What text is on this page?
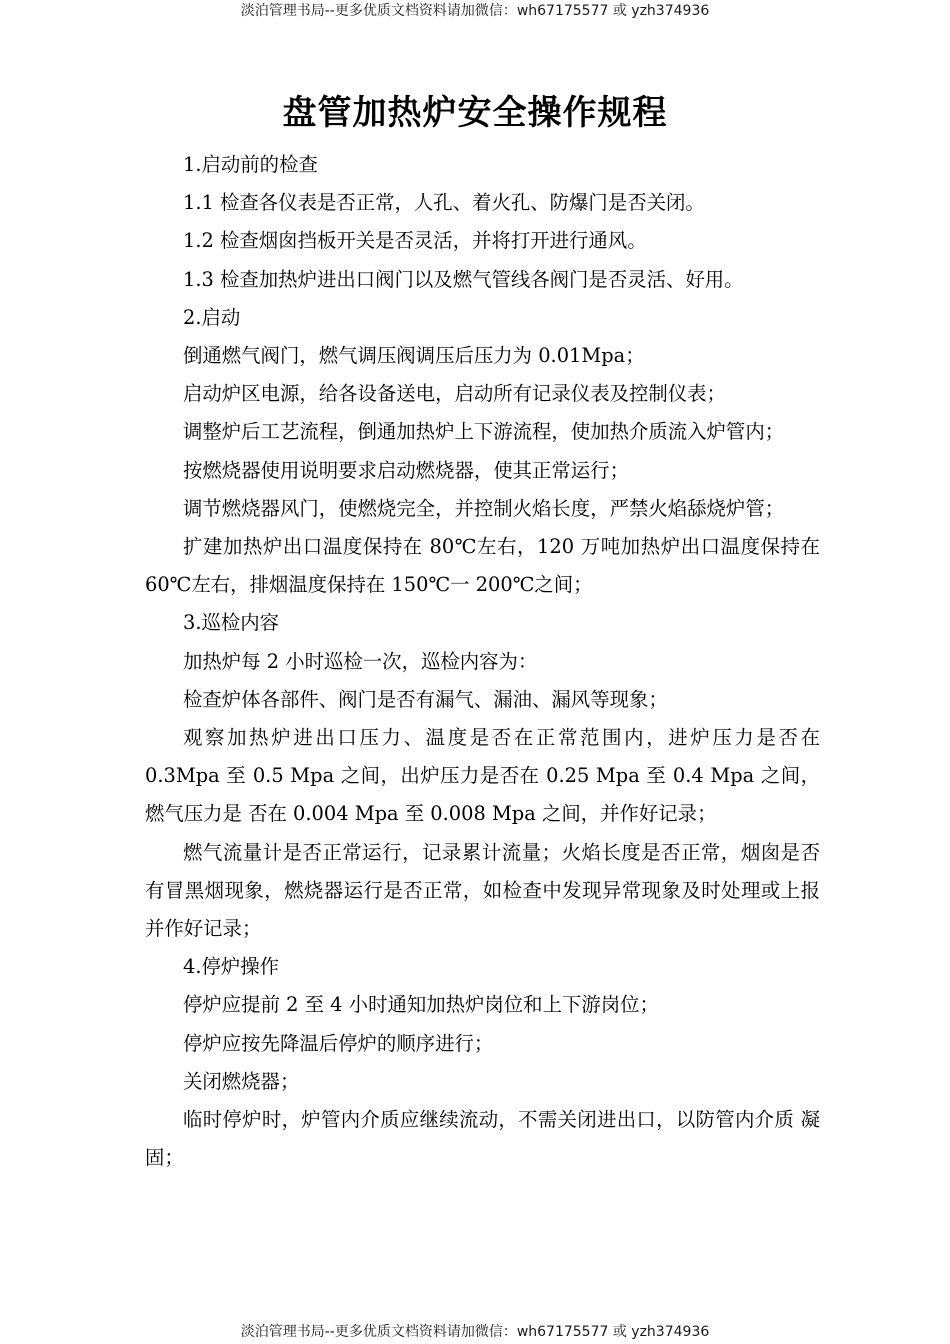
淡泊管理书局--更多优质文档资料请加微信：wh67175577 或 yzh374936
盘管加热炉安全操作规程

1.启动前的检查

1.1 检查各仪表是否正常，人孔、着火孔、防爆门是否关闭。

1.2 检查烟囱挡板开关是否灵活，并将打开进行通风。

1.3 检查加热炉进出口阀门以及燃气管线各阀门是否灵活、好用。

2.启动

倒通燃气阀门，燃气调压阀调压后压力为 0.01Mpa；

启动炉区电源，给各设备送电，启动所有记录仪表及控制仪表；

调整炉后工艺流程，倒通加热炉上下游流程，使加热介质流入炉管内；

按燃烧器使用说明要求启动燃烧器，使其正常运行；

调节燃烧器风门，使燃烧完全，并控制火焰长度，严禁火焰舔烧炉管；

扩建加热炉出口温度保持在 80℃左右，120 万吨加热炉出口温度保持在 60℃左右，排烟温度保持在 150℃一 200℃之间；

3.巡检内容

加热炉每 2 小时巡检一次，巡检内容为：

检查炉体各部件、阀门是否有漏气、漏油、漏风等现象；

观察加热炉进出口压力、温度是否在正常范围内，进炉压力是否在 0.3Mpa 至 0.5 Mpa 之间，出炉压力是否在 0.25 Mpa 至 0.4 Mpa 之间，燃气压力是 否在 0.004 Mpa 至 0.008 Mpa 之间，并作好记录；

燃气流量计是否正常运行，记录累计流量；火焰长度是否正常，烟囱是否有冒黑烟现象，燃烧器运行是否正常，如检查中发现异常现象及时处理或上报 并作好记录；

4.停炉操作

停炉应提前 2 至 4 小时通知加热炉岗位和上下游岗位；

停炉应按先降温后停炉的顺序进行；

关闭燃烧器；

临时停炉时，炉管内介质应继续流动，不需关闭进出口，以防管内介质 凝固；

淡泊管理书局--更多优质文档资料请加微信：wh67175577 或 yzh374936
